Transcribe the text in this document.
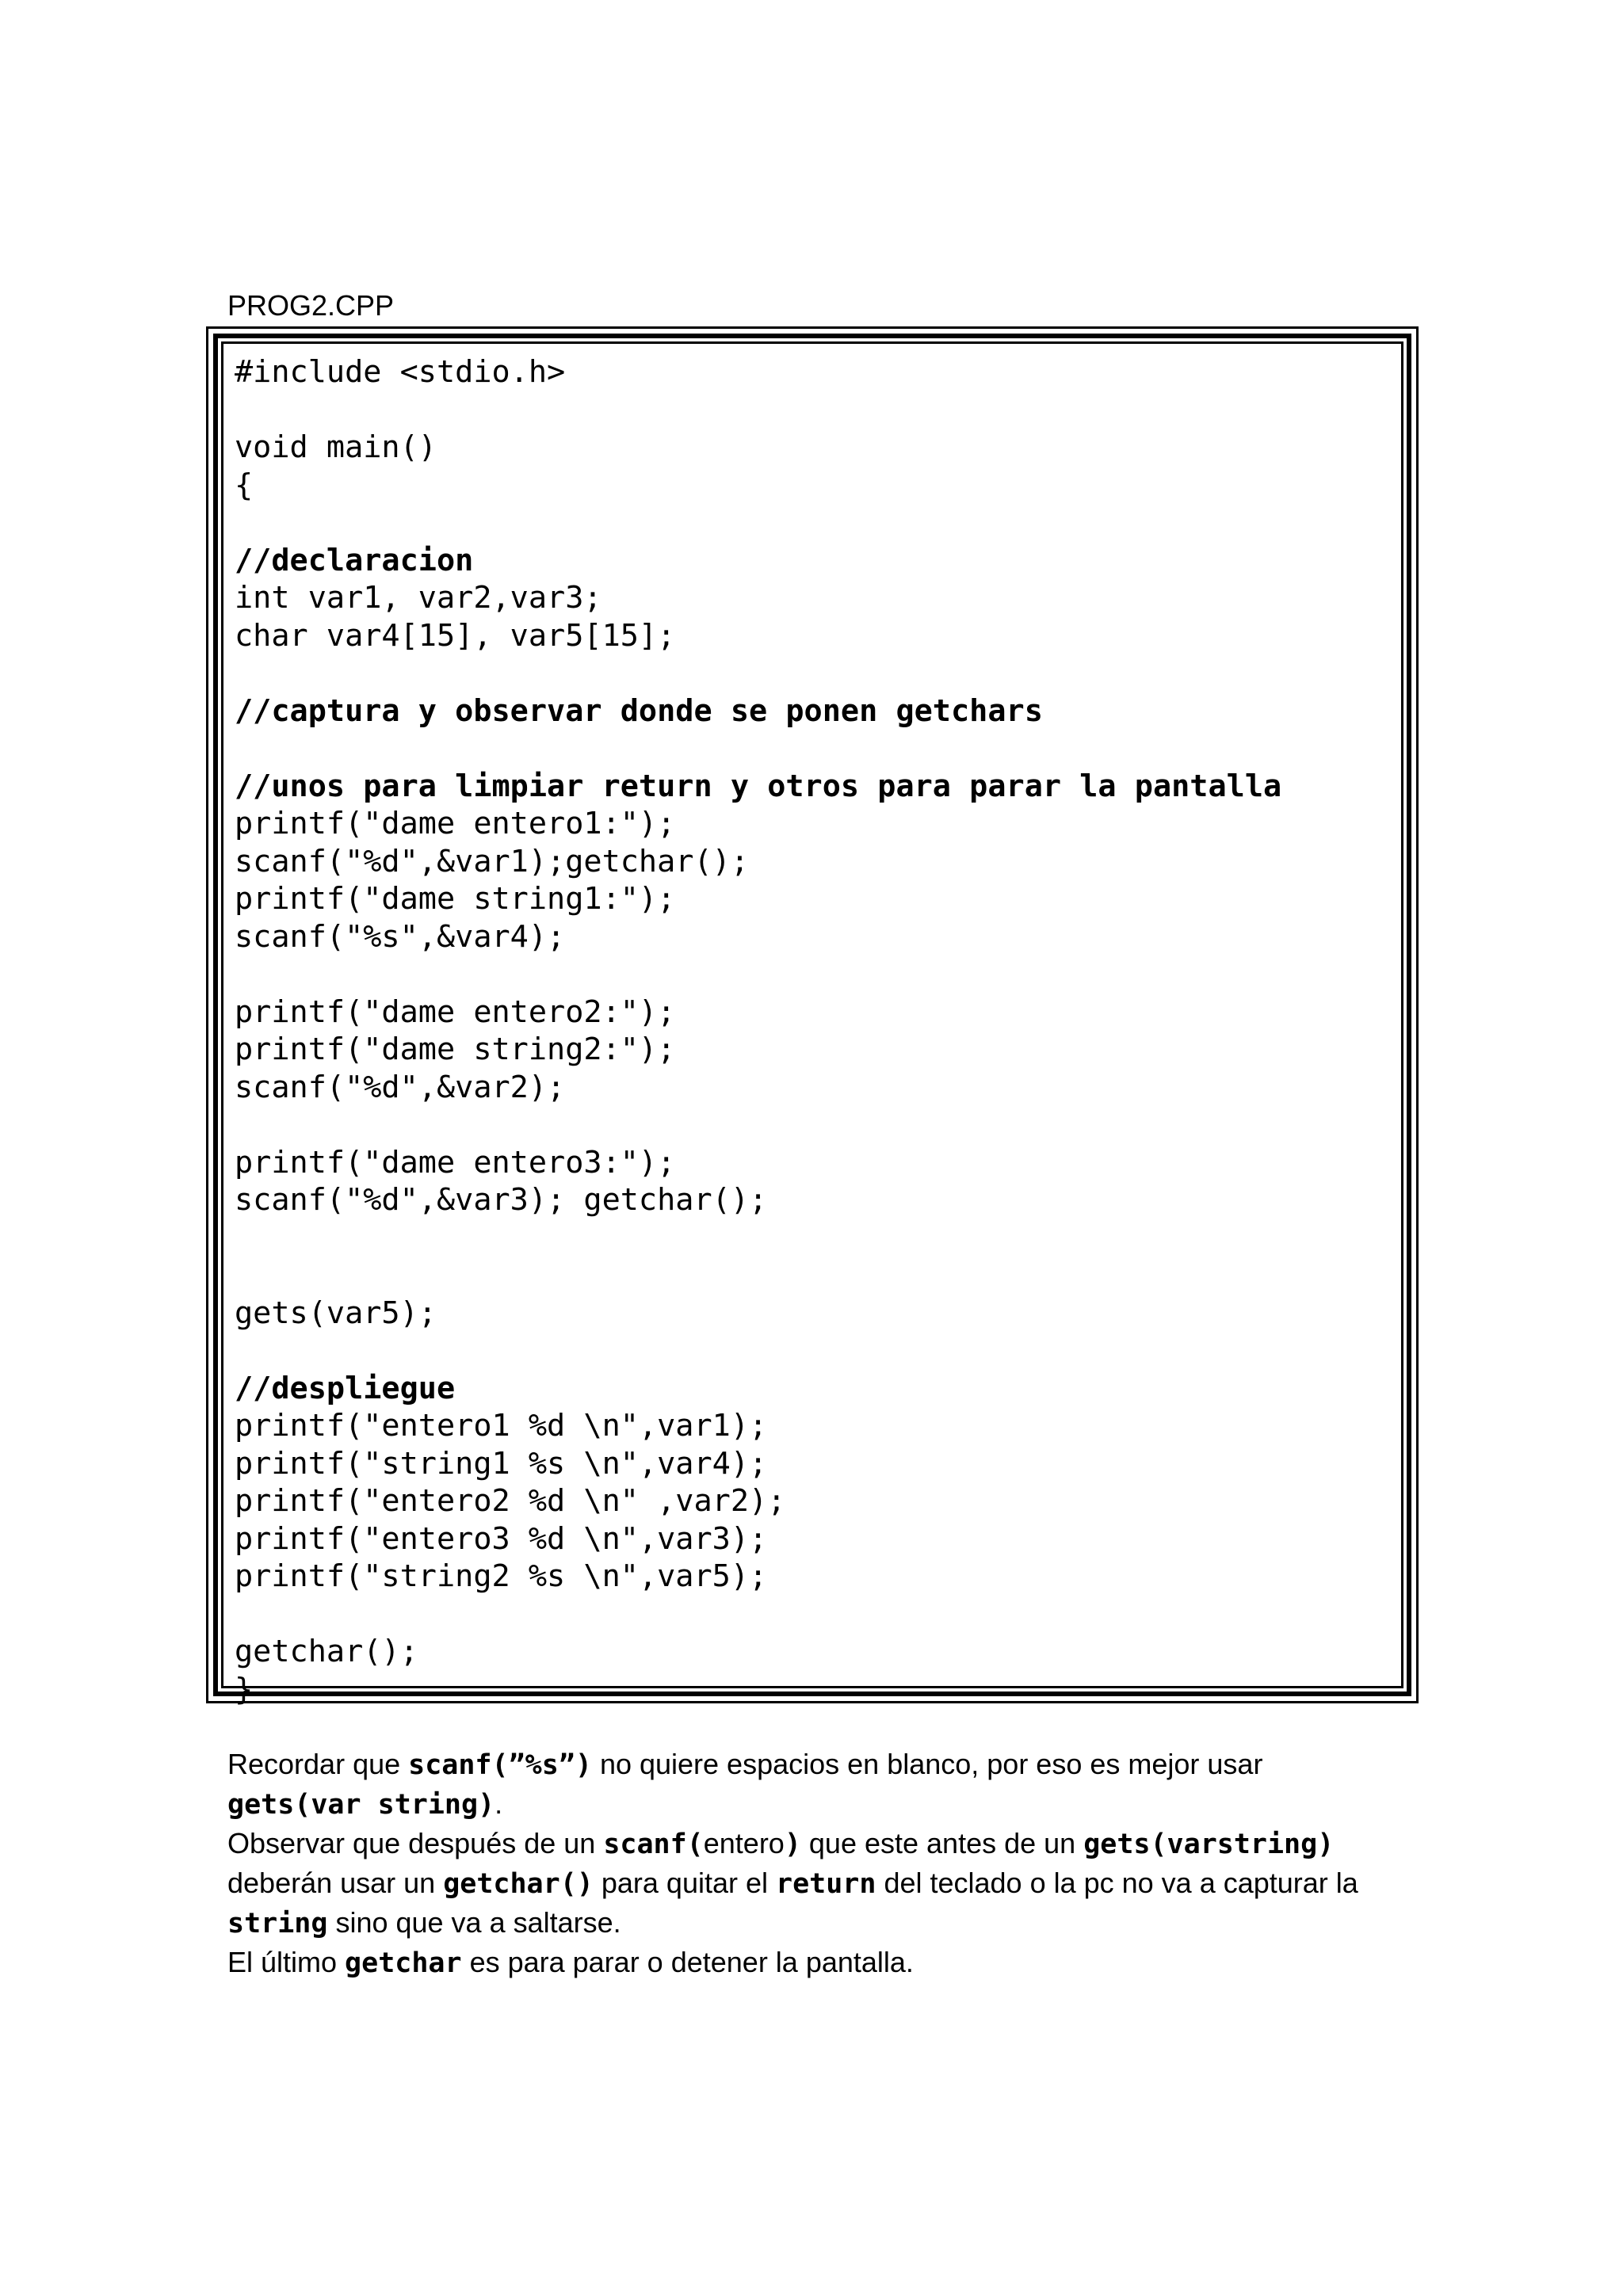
PROG2.CPP
#include <stdio.h>
void main()
{
//declaracion
int var1, var2,var3;
char var4[15], var5[15];
//captura y observar donde se ponen getchars
//unos para limpiar return y otros para parar la pantalla
printf("dame entero1:");
scanf("%d",&var1);getchar();
printf("dame string1:");
scanf("%s",&var4);
printf("dame entero2:");
printf("dame string2:");
scanf("%d",&var2);
printf("dame entero3:");
scanf("%d",&var3); getchar();
gets(var5);
//despliegue
printf("entero1 %d \n",var1);
printf("string1 %s \n",var4);
printf("entero2 %d \n" ,var2);
printf("entero3 %d \n",var3);
printf("string2 %s \n",var5);
getchar();
}
Recordar que scanf(”%s”) no quiere espacios en blanco, por eso es mejor usar
gets(var string).
Observar que después de un scanf(entero) que este antes de un gets(varstring)
deberán usar un getchar() para quitar el return del teclado o la pc no va a capturar la
string sino que va a saltarse.
El último getchar es para parar o detener la pantalla.
